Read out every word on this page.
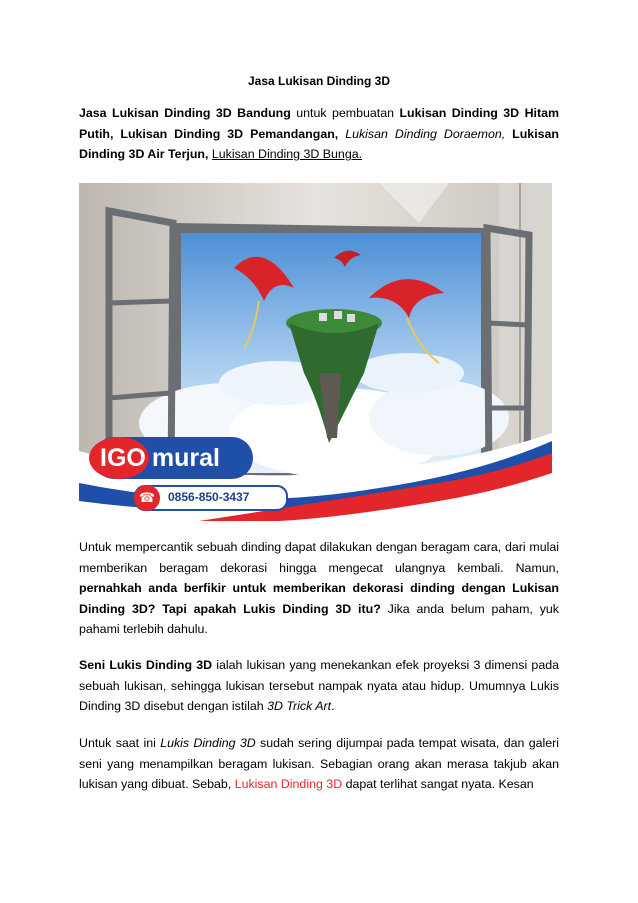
Jasa Lukisan Dinding 3D

Jasa Lukisan Dinding 3D Bandung untuk pembuatan Lukisan Dinding 3D Hitam Putih, Lukisan Dinding 3D Pemandangan, Lukisan Dinding Doraemon, Lukisan Dinding 3D Air Terjun, Lukisan Dinding 3D Bunga.

IGO mural
☎	0856-850-3437

Untuk mempercantik sebuah dinding dapat dilakukan dengan beragam cara, dari mulai memberikan beragam dekorasi hingga mengecat ulangnya kembali. Namun, pernahkah anda berfikir untuk memberikan dekorasi dinding dengan Lukisan Dinding 3D? Tapi apakah Lukis Dinding 3D itu? Jika anda belum paham, yuk pahami terlebih dahulu.

Seni Lukis Dinding 3D ialah lukisan yang menekankan efek proyeksi 3 dimensi pada sebuah lukisan, sehingga lukisan tersebut nampak nyata atau hidup. Umumnya Lukis Dinding 3D disebut dengan istilah 3D Trick Art.

Untuk saat ini Lukis Dinding 3D sudah sering dijumpai pada tempat wisata, dan galeri seni yang menampilkan beragam lukisan. Sebagian orang akan merasa takjub akan lukisan yang dibuat. Sebab, Lukisan Dinding 3D dapat terlihat sangat nyata. Kesan
